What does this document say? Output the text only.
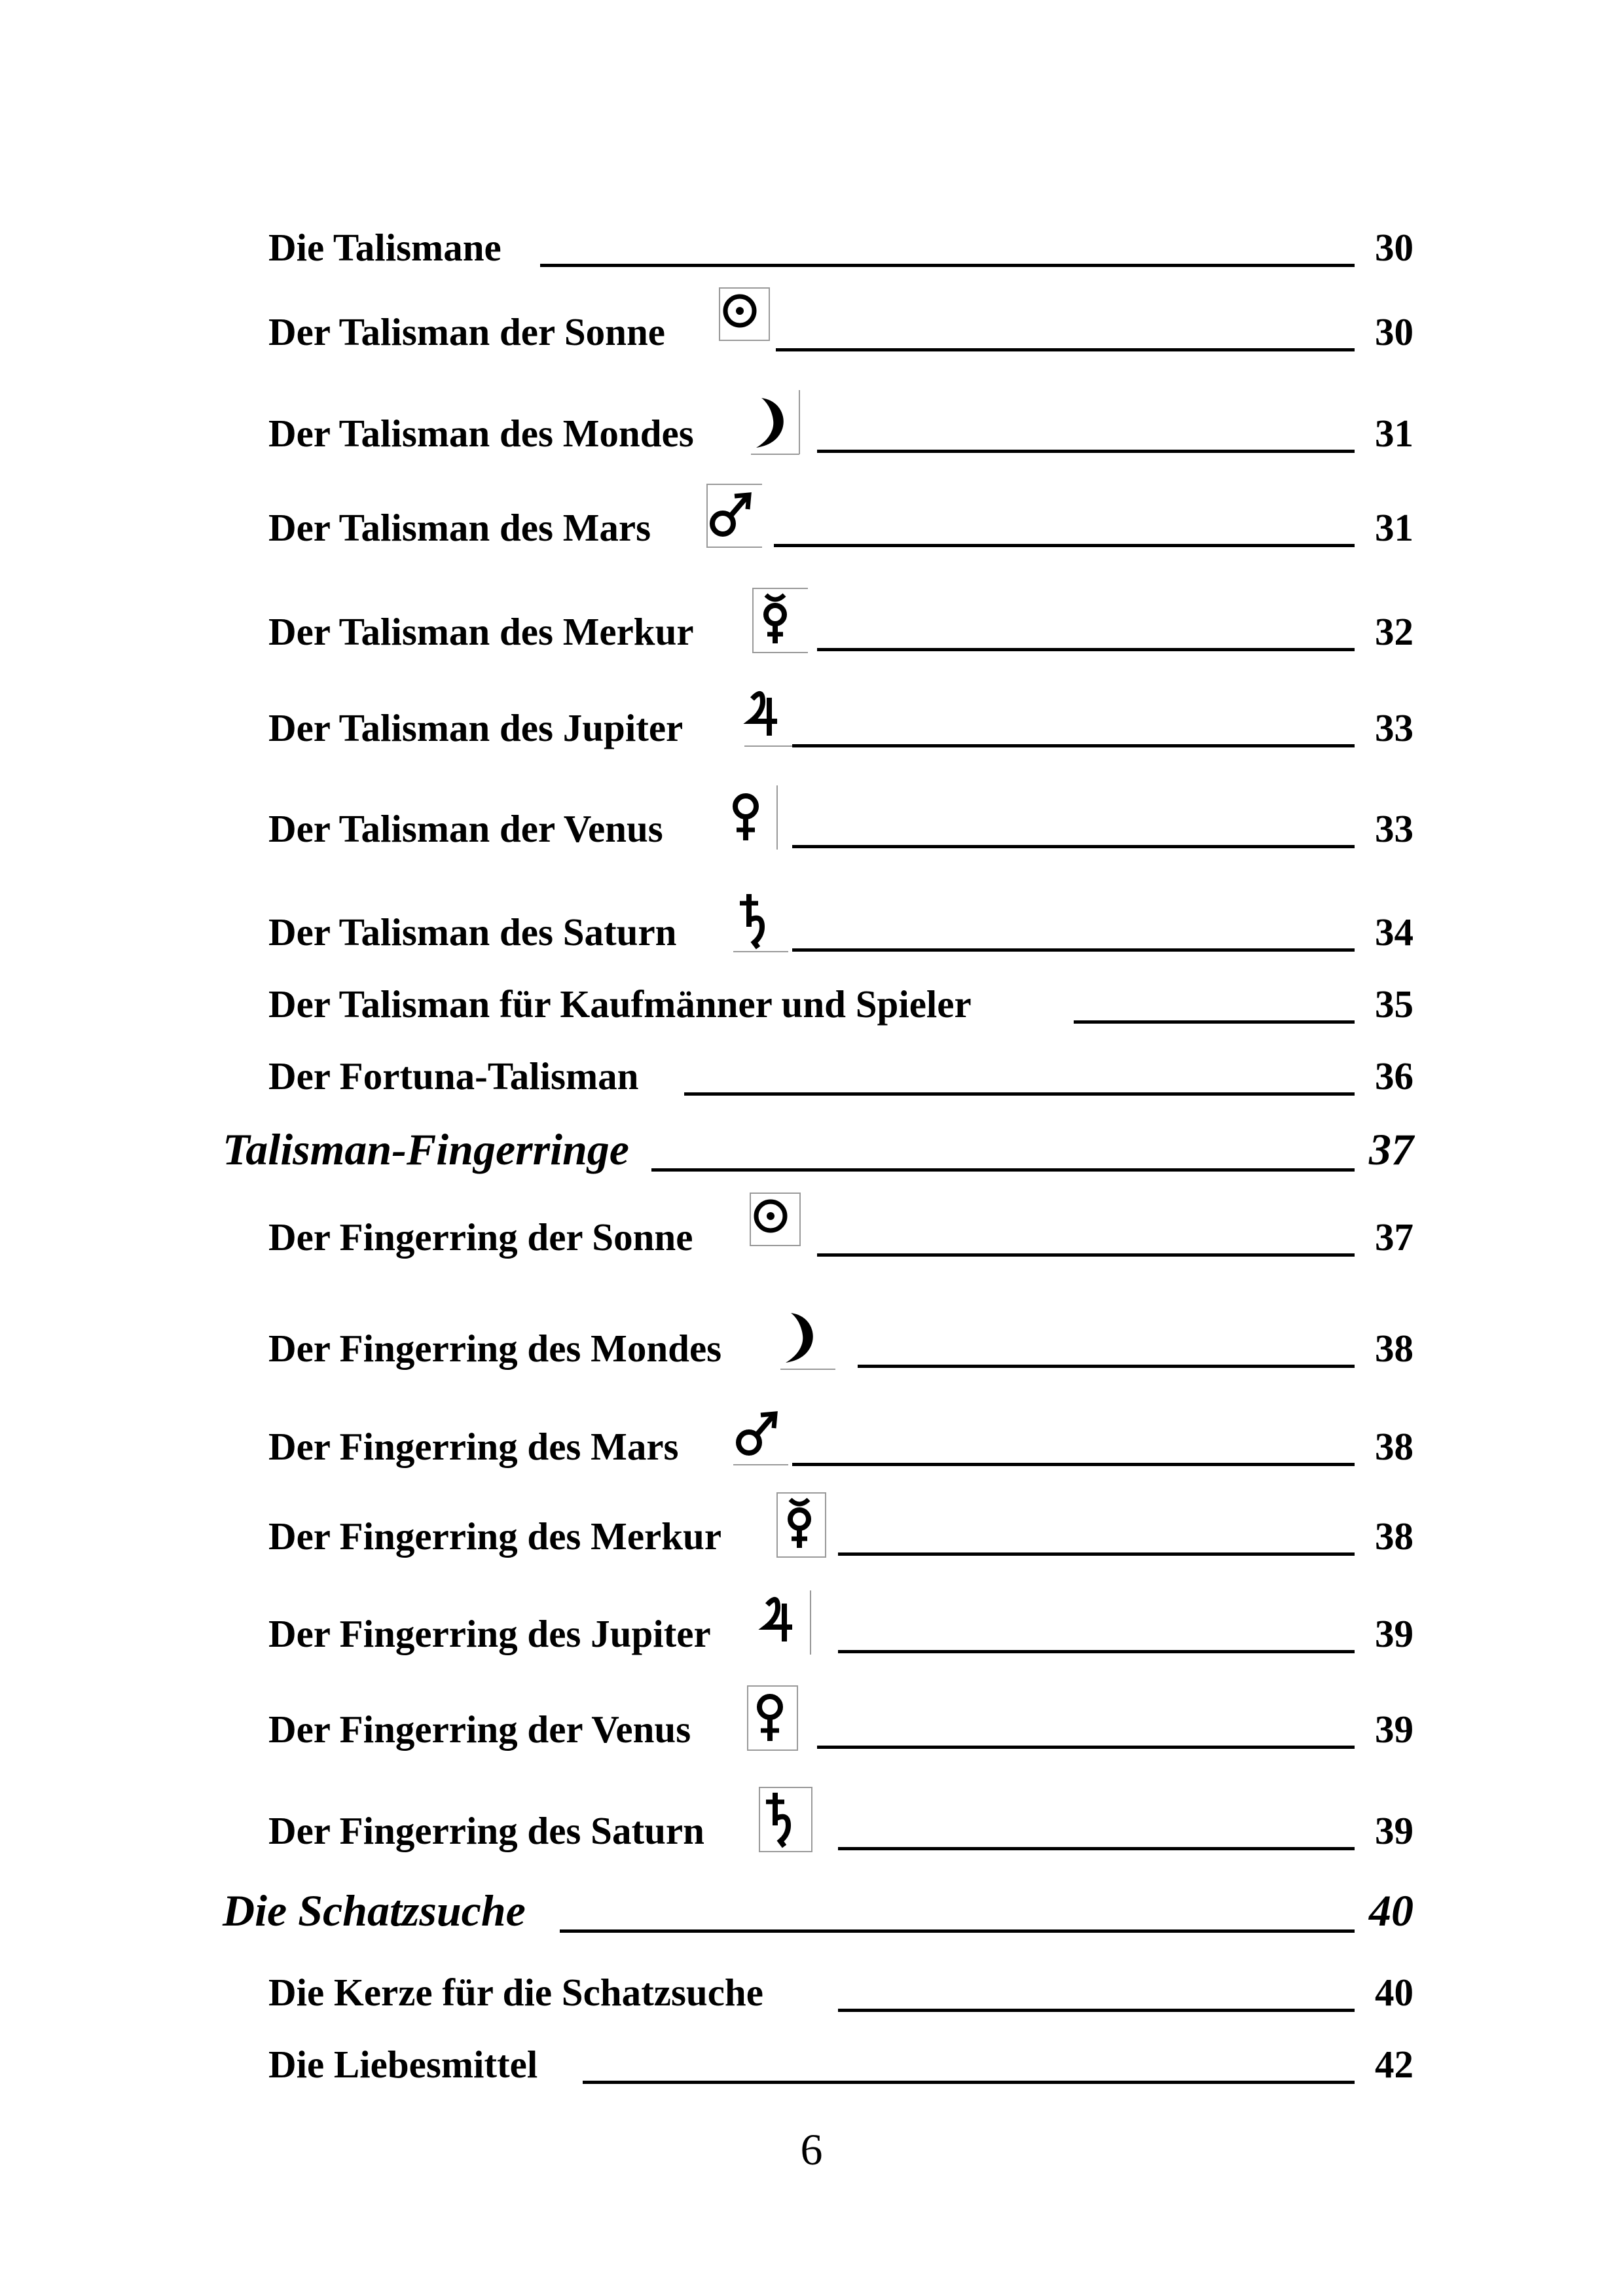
Die Talismane	30
Der Talisman der Sonne	30
Der Talisman des Mondes	31
Der Talisman des Mars	31
Der Talisman des Merkur	32
Der Talisman des Jupiter	33
Der Talisman der Venus	33
Der Talisman des Saturn	34
Der Talisman für Kaufmänner und Spieler	35
Der Fortuna-Talisman	36
Talisman-Fingerringe	37
Der Fingerring der Sonne	37
Der Fingerring des Mondes	38
Der Fingerring des Mars	38
Der Fingerring des Merkur	38
Der Fingerring des Jupiter	39
Der Fingerring der Venus	39
Der Fingerring des Saturn	39
Die Schatzsuche	40
Die Kerze für die Schatzsuche	40
Die Liebesmittel	42
6
